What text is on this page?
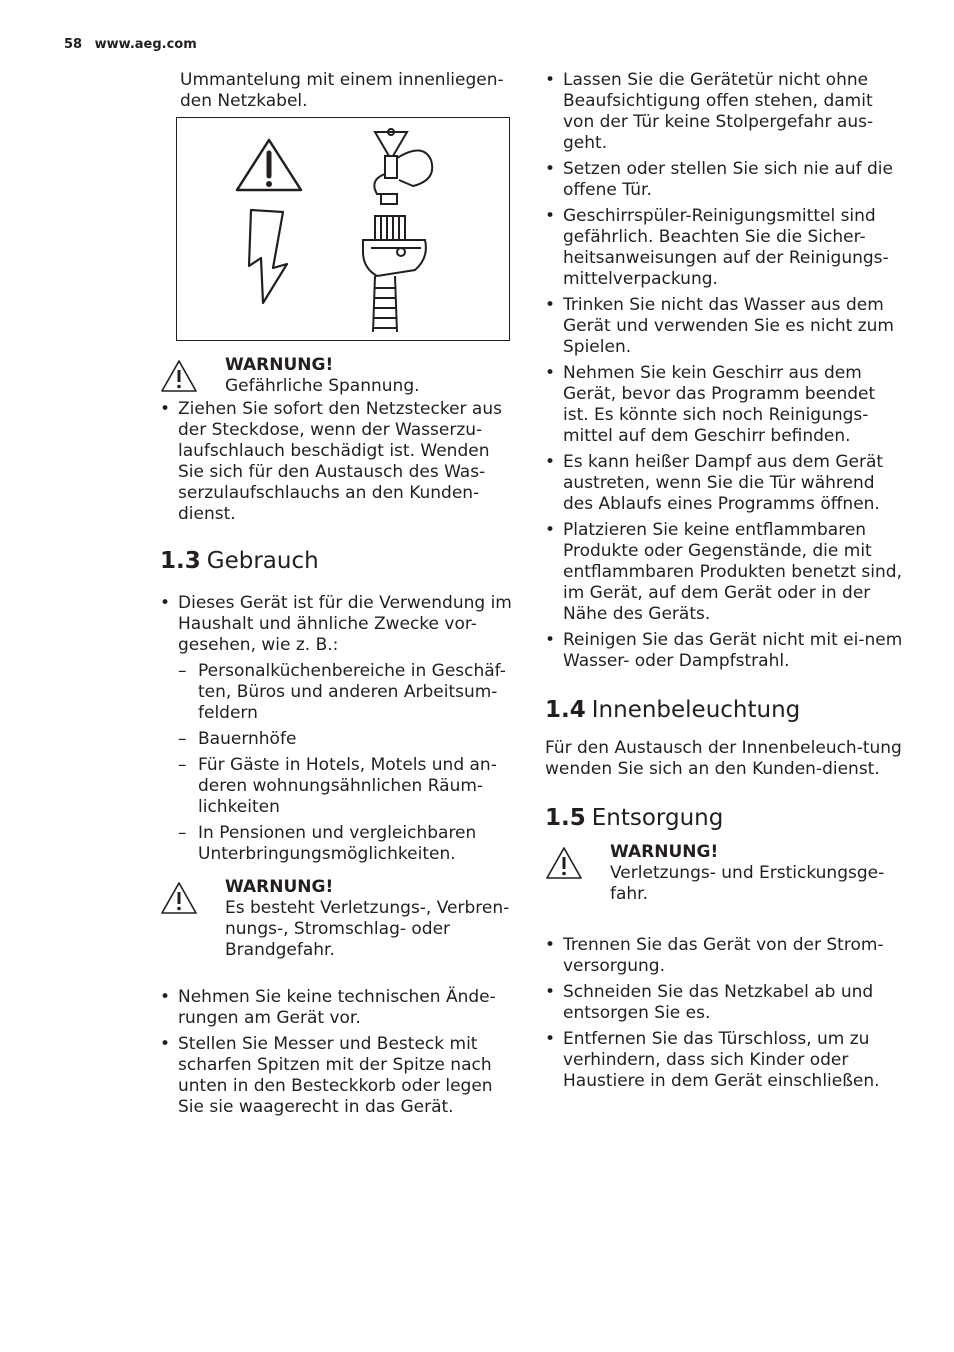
58 www.aeg.com

Ummantelung mit einem innenliegen-den Netzkabel.

WARNUNG!
Gefährliche Spannung.
• Ziehen Sie sofort den Netzstecker aus der Steckdose, wenn der Wasserzu-laufschlauch beschädigt ist. Wenden Sie sich für den Austausch des Was-serzulaufschlauchs an den Kunden-dienst.
1.3 Gebrauch
• Dieses Gerät ist für die Verwendung im Haushalt und ähnliche Zwecke vor-gesehen, wie z. B.:
– Personalküchenbereiche in Geschäf-ten, Büros und anderen Arbeitsum-feldern
– Bauernhöfe
– Für Gäste in Hotels, Motels und an-deren wohnungsähnlichen Räum-lichkeiten
– In Pensionen und vergleichbaren Unterbringungsmöglichkeiten.
WARNUNG!
Es besteht Verletzungs-, Verbren-nungs-, Stromschlag- oder Brandgefahr.
• Nehmen Sie keine technischen Ände-rungen am Gerät vor.
• Stellen Sie Messer und Besteck mit scharfen Spitzen mit der Spitze nach unten in den Besteckkorb oder legen Sie sie waagerecht in das Gerät.
• Lassen Sie die Gerätetür nicht ohne Beaufsichtigung offen stehen, damit von der Tür keine Stolpergefahr aus-geht.
• Setzen oder stellen Sie sich nie auf die offene Tür.
• Geschirrspüler-Reinigungsmittel sind gefährlich. Beachten Sie die Sicher-heitsanweisungen auf der Reinigungs-mittelverpackung.
• Trinken Sie nicht das Wasser aus dem Gerät und verwenden Sie es nicht zum Spielen.
• Nehmen Sie kein Geschirr aus dem Gerät, bevor das Programm beendet ist. Es könnte sich noch Reinigungs-mittel auf dem Geschirr befinden.
• Es kann heißer Dampf aus dem Gerät austreten, wenn Sie die Tür während des Ablaufs eines Programms öffnen.
• Platzieren Sie keine entflammbaren Produkte oder Gegenstände, die mit entflammbaren Produkten benetzt sind, im Gerät, auf dem Gerät oder in der Nähe des Geräts.
• Reinigen Sie das Gerät nicht mit ei-nem Wasser- oder Dampfstrahl.
1.4 Innenbeleuchtung

Für den Austausch der Innenbeleuch-tung wenden Sie sich an den Kunden-dienst.

1.5 Entsorgung
WARNUNG!
Verletzungs- und Erstickungsge-fahr.
• Trennen Sie das Gerät von der Strom-versorgung.
• Schneiden Sie das Netzkabel ab und entsorgen Sie es.
• Entfernen Sie das Türschloss, um zu verhindern, dass sich Kinder oder Haustiere in dem Gerät einschließen.
